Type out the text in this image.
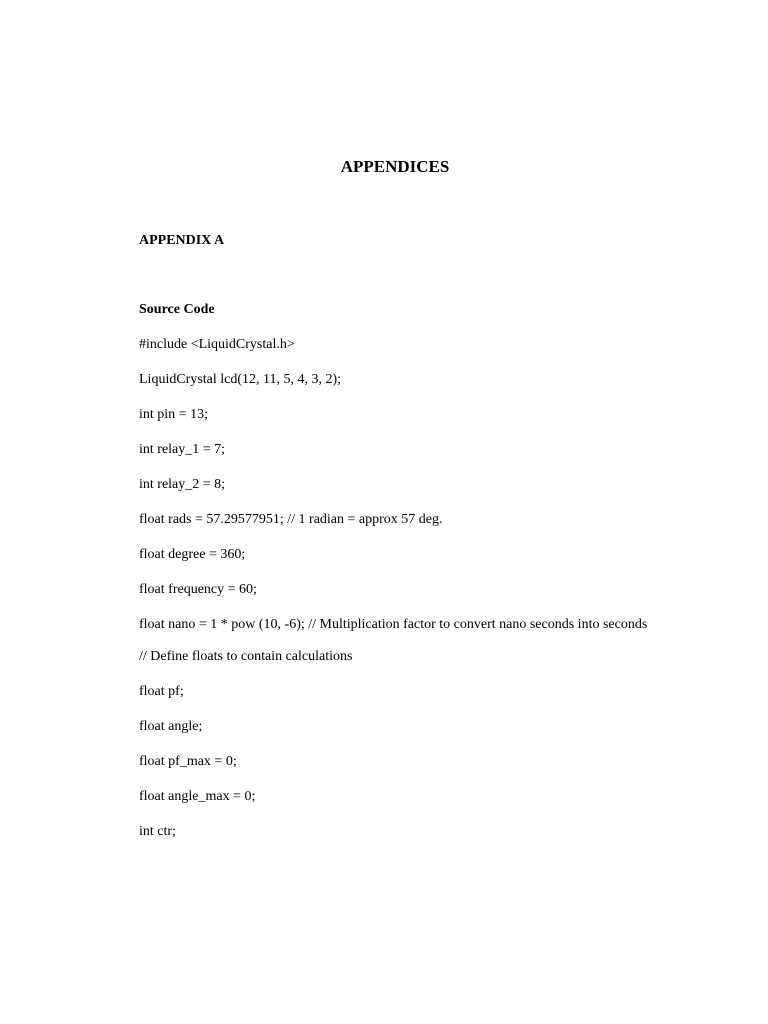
APPENDICES
APPENDIX A
Source Code
#include <LiquidCrystal.h>
LiquidCrystal lcd(12, 11, 5, 4, 3, 2);
int pin = 13;
int relay_1 = 7;
int relay_2 = 8;
float rads = 57.29577951; // 1 radian = approx 57 deg.
float degree = 360;
float frequency = 60;
float nano = 1 * pow (10, -6); // Multiplication factor to convert nano seconds into seconds
// Define floats to contain calculations
float pf;
float angle;
float pf_max = 0;
float angle_max = 0;
int ctr;
